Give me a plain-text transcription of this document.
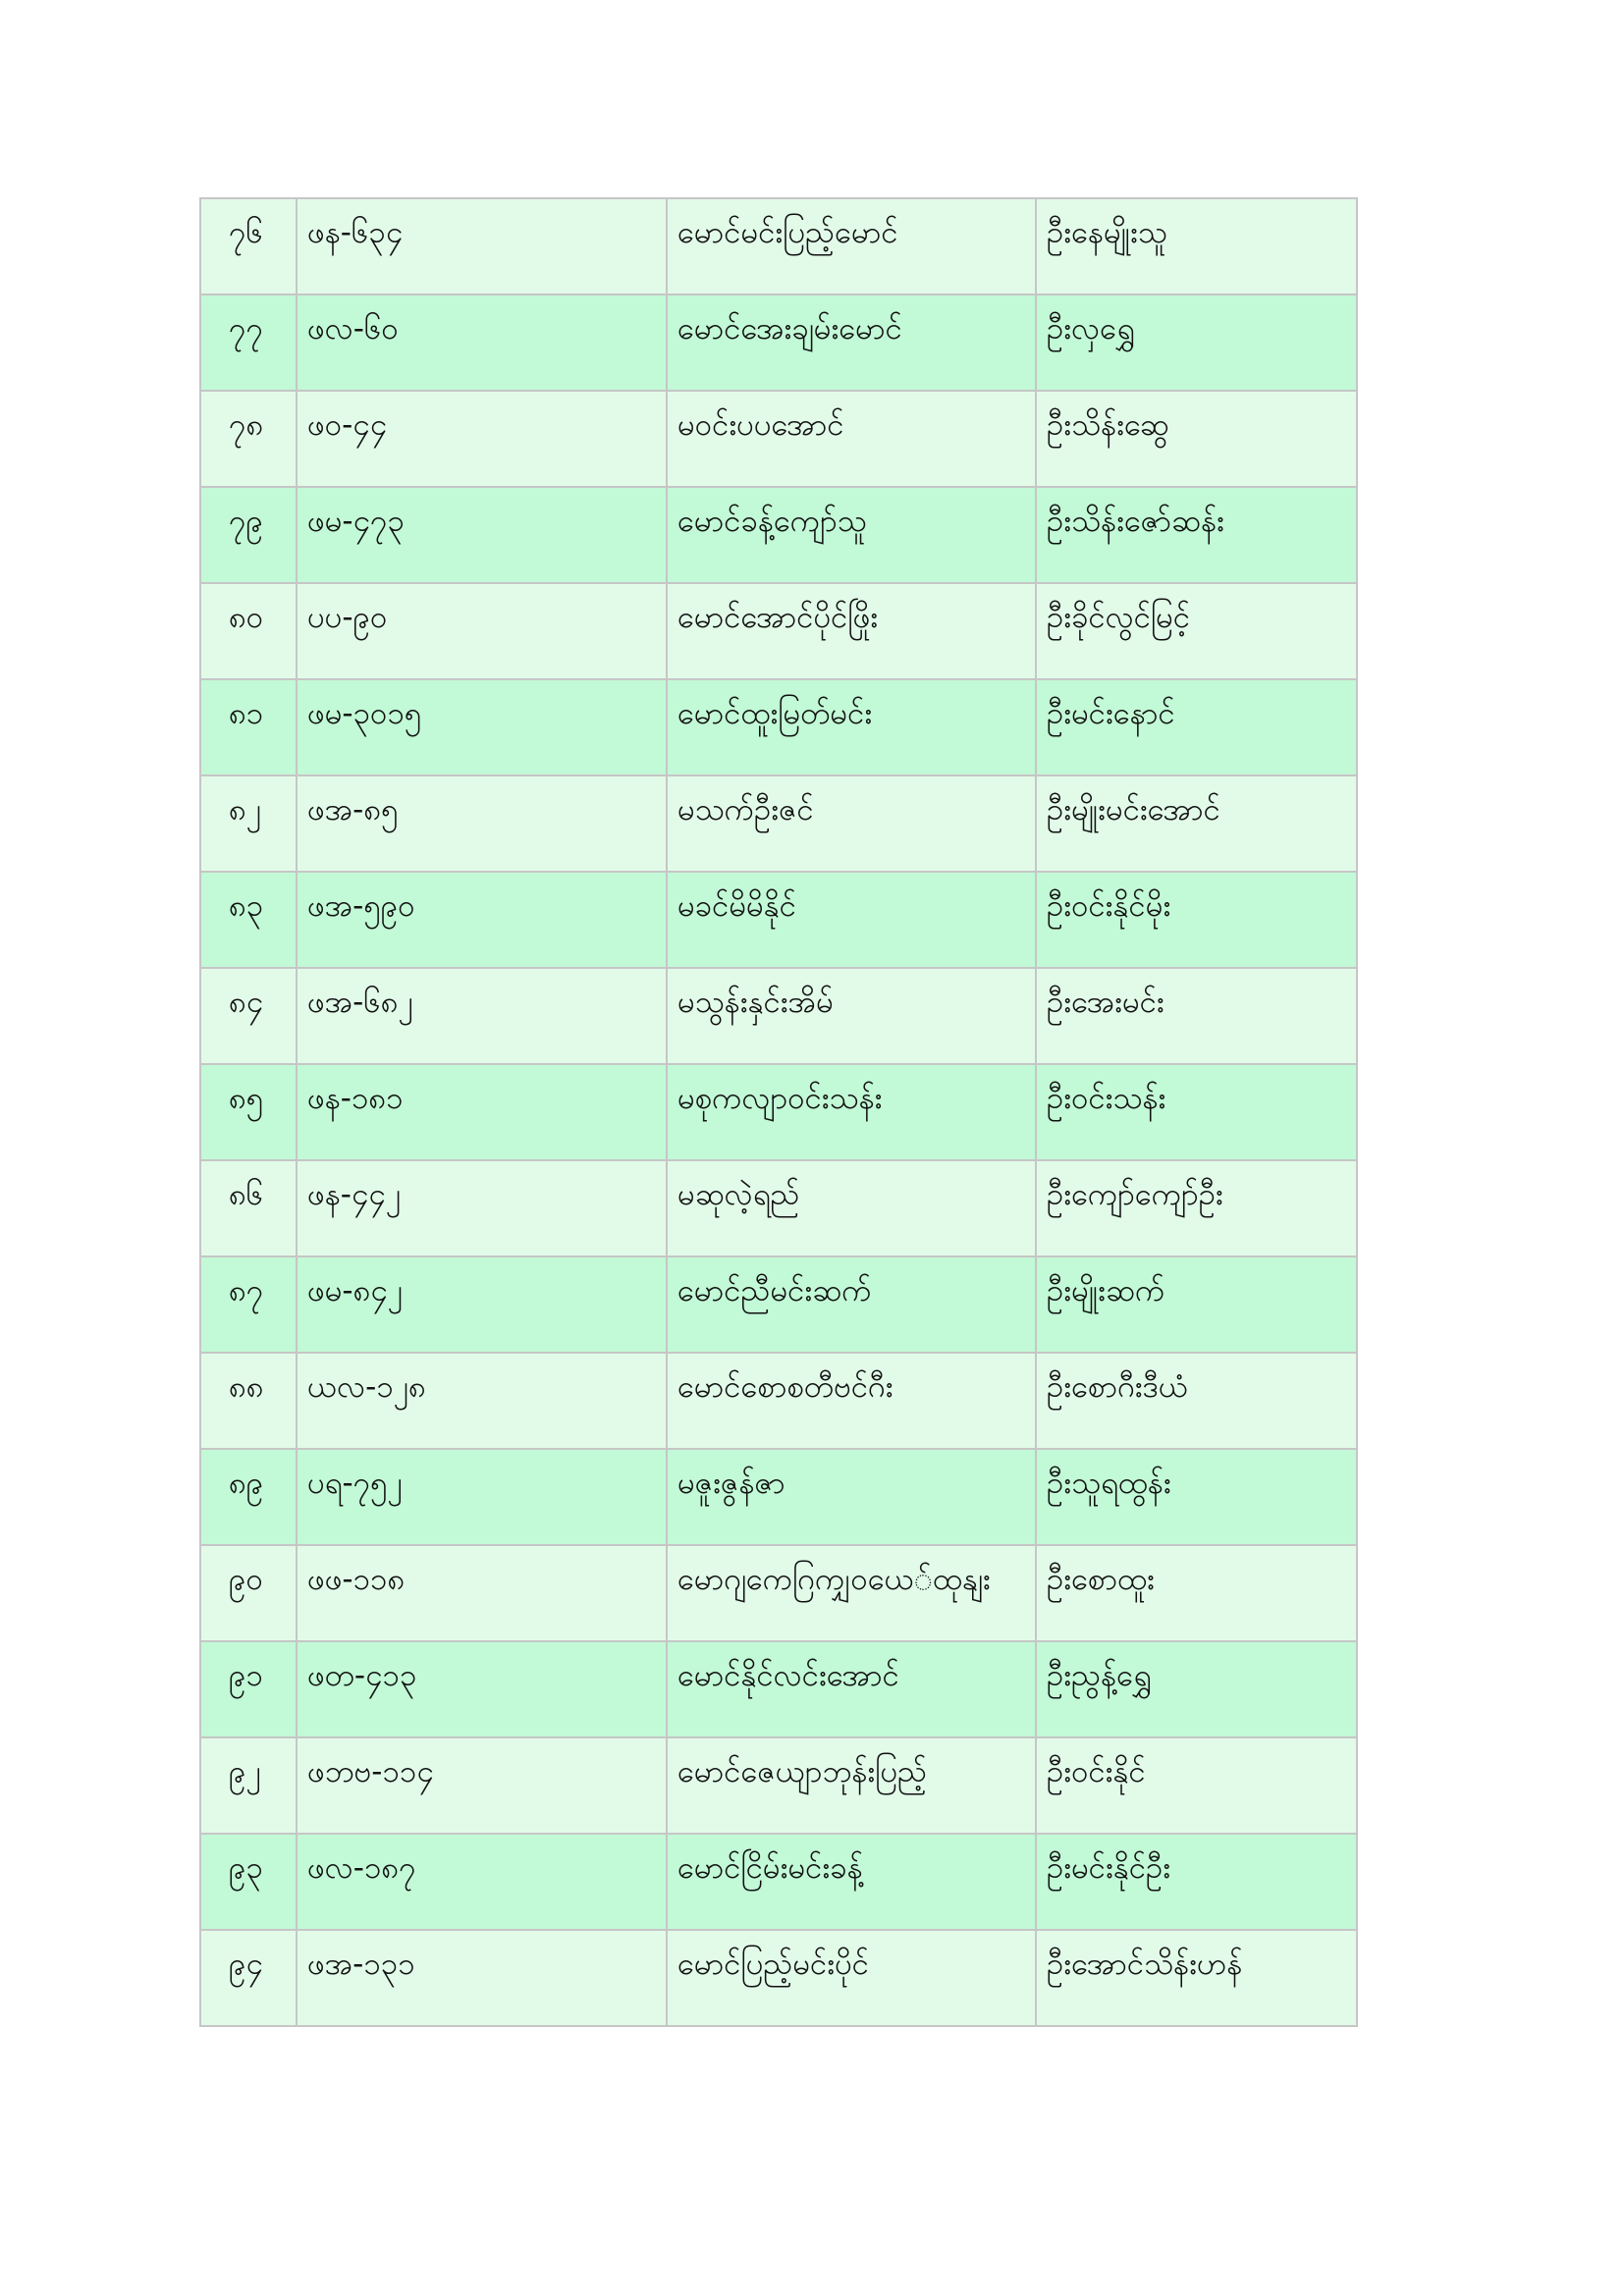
၇၆	ဖန-၆၃၄	မောင်မင်းပြည့်မောင်	ဦးနေမျိုးသူ
၇၇	ဖလ-၆၀	မောင်အေးချမ်းမောင်	ဦးလှရွှေ
၇၈	ဖဝ-၄၄	မဝင်းပပအောင်	ဦးသိန်းဆွေ
၇၉	ဖမ-၄၇၃	မောင်ခန့်ကျော်သူ	ဦးသိန်းဇော်ဆန်း
၈၀	ပပ-၉၀	မောင်အောင်ပိုင်ဖြိုး	ဦးခိုင်လွင်မြင့်
၈၁	ဖမ-၃၀၁၅	မောင်ထူးမြတ်မင်း	ဦးမင်းနောင်
၈၂	ဖအ-၈၅	မသက်ဦးဇင်	ဦးမျိုးမင်းအောင်
၈၃	ဖအ-၅၉၀	မခင်မိမိနိုင်	ဦးဝင်းနိုင်မိုး
၈၄	ဖအ-၆၈၂	မသွန်းနှင်းအိမ်	ဦးအေးမင်း
၈၅	ဖန-၁၈၁	မစုကလျာဝင်းသန်း	ဦးဝင်းသန်း
၈၆	ဖန-၄၄၂	မဆုလဲ့ရည်	ဦးကျော်ကျော်ဦး
၈၇	ဖမ-၈၄၂	မောင်ညီမင်းဆက်	ဦးမျိုးဆက်
၈၈	ယလ-၁၂၈	မောင်စောစတီဗင်ဂီး	ဦးစောဂီးဒီယံ
၈၉	ပရ-၇၅၂	မဇူးဇွန်ဇာ	ဦးသူရထွန်း
၉၀	ဖဖ-၁၁၈	မောဂျကေဂြကျှဝယေ်ထုနျး	ဦးစောထူး
၉၁	ဖတ-၄၁၃	မောင်နိုင်လင်းအောင်	ဦးညွန့်ရွှေ
၉၂	ဖဘဗ-၁၁၄	မောင်ဇေယျာဘုန်းပြည့်	ဦးဝင်းနိုင်
၉၃	ဖလ-၁၈၇	မောင်ငြိမ်းမင်းခန့်	ဦးမင်းနိုင်ဦး
၉၄	ဖအ-၁၃၁	မောင်ပြည့်မင်းပိုင်	ဦးအောင်သိန်းဟန်
